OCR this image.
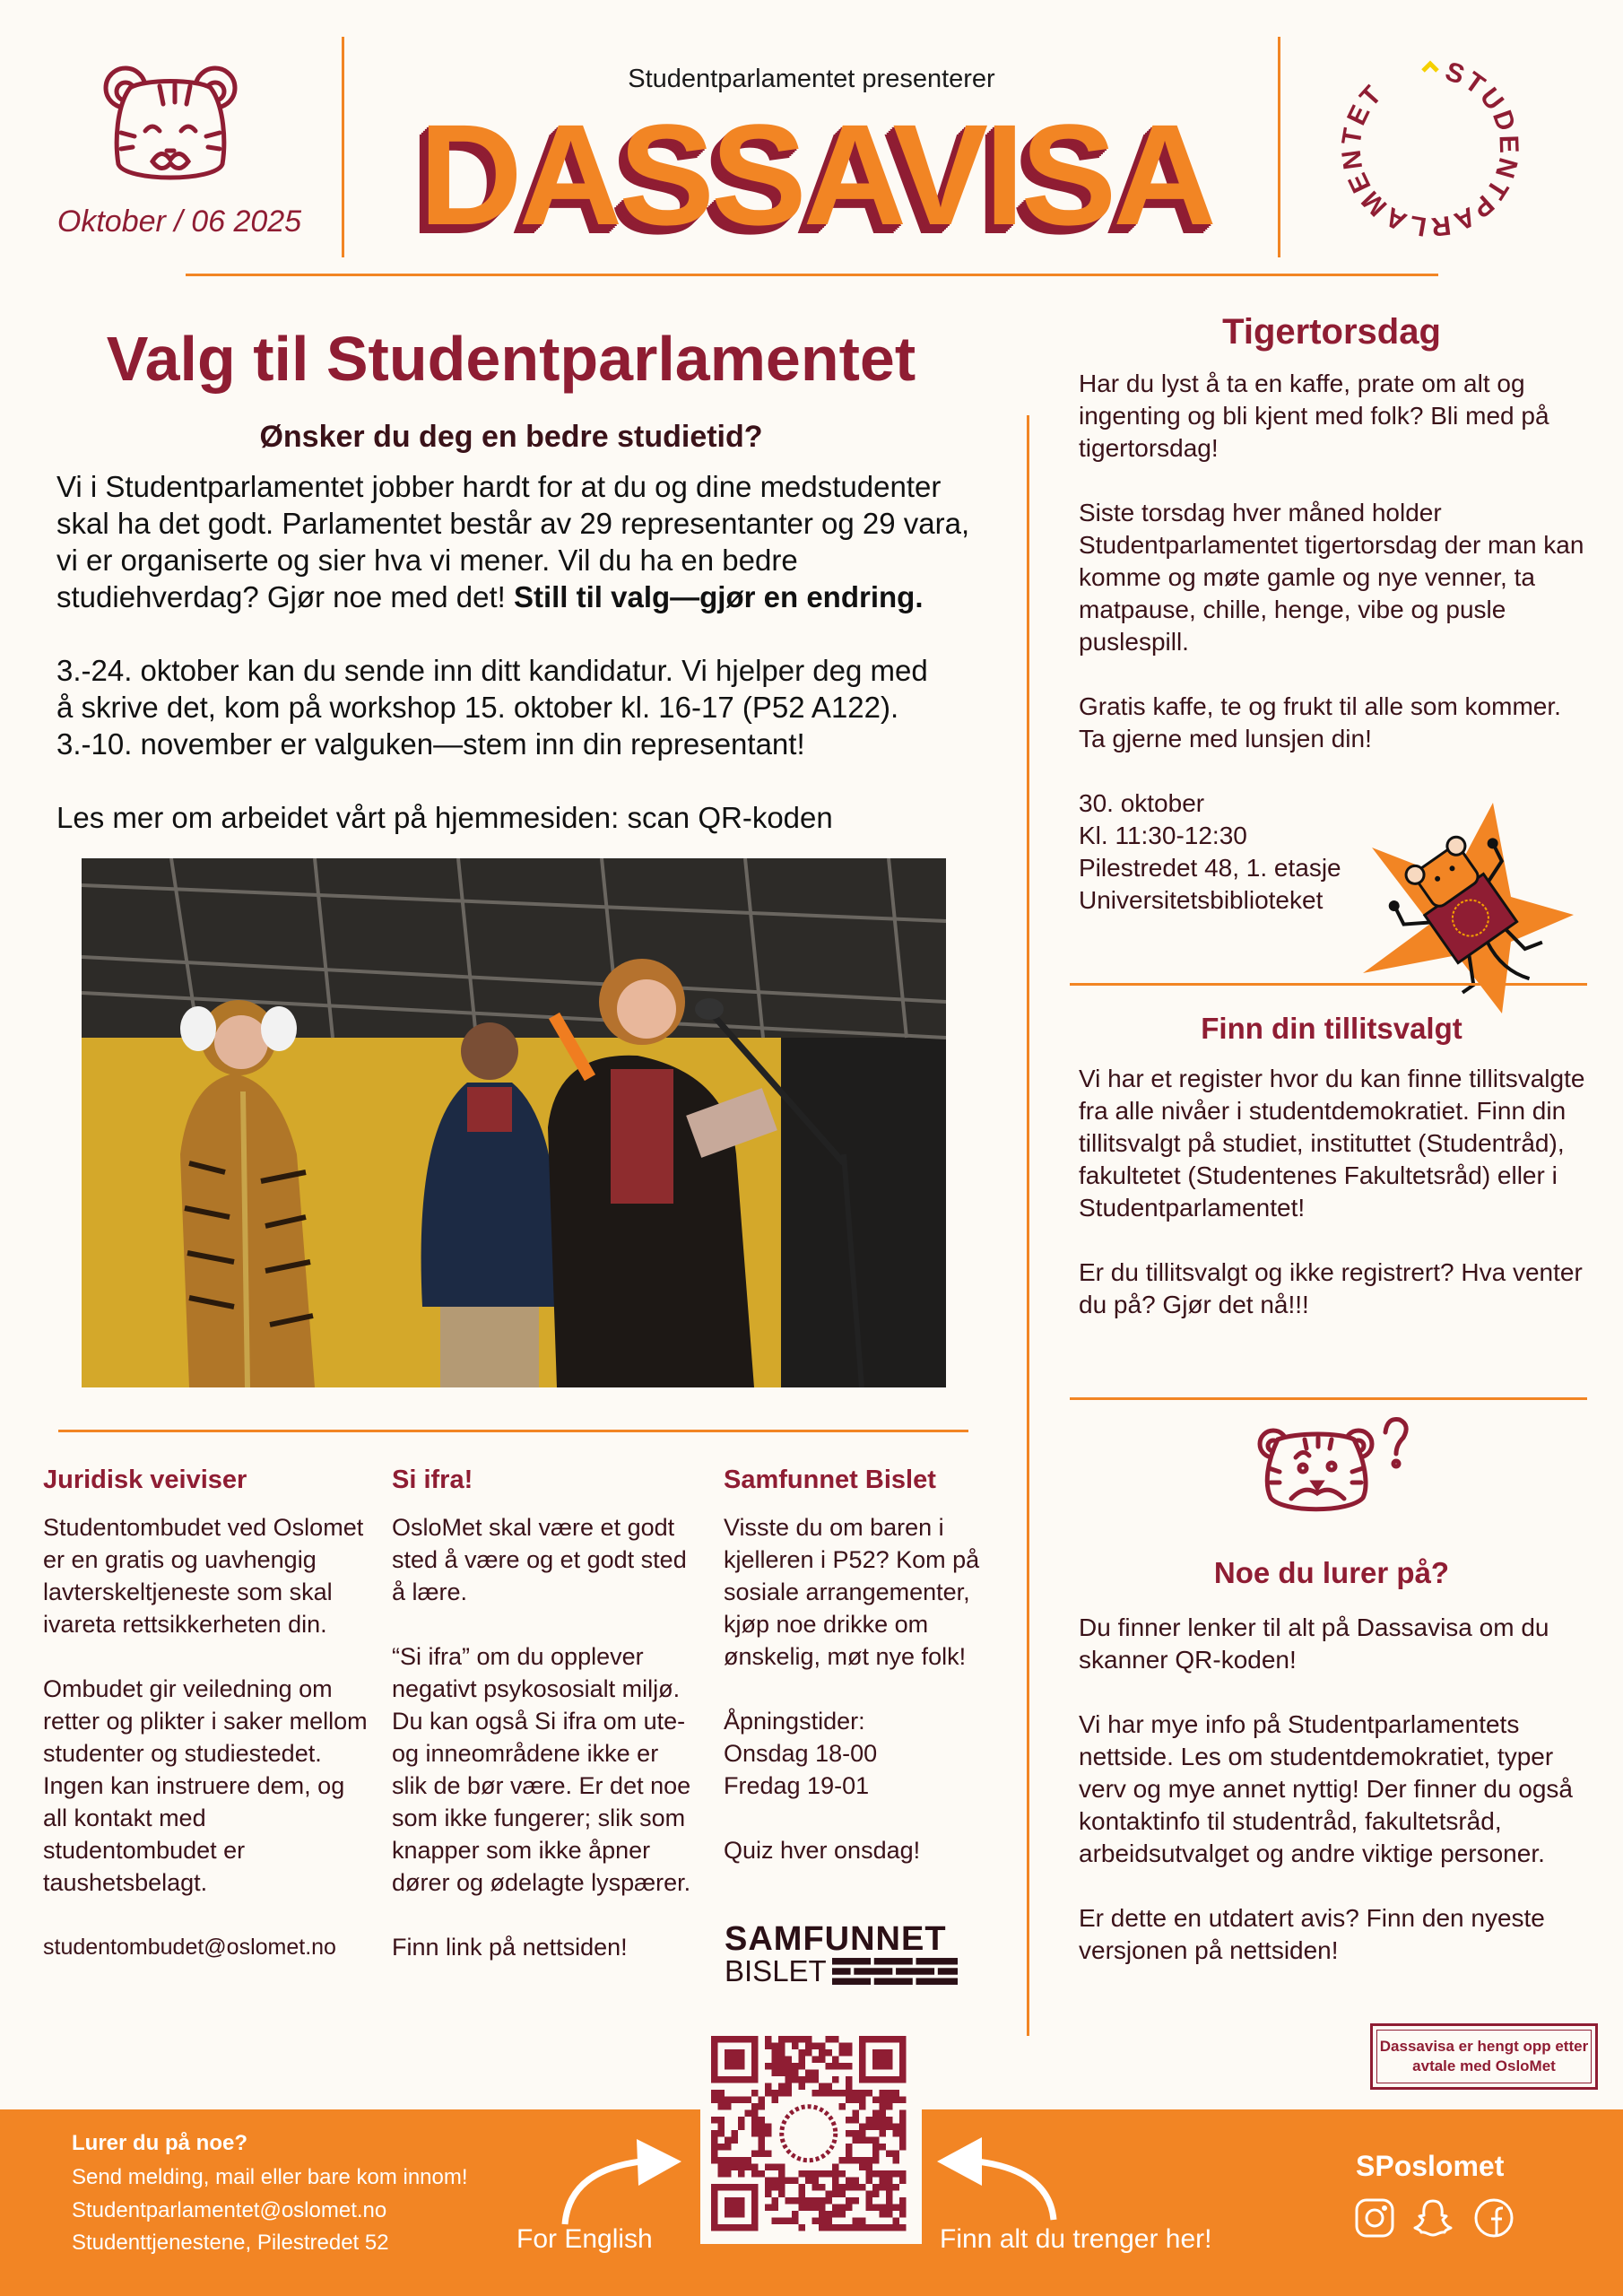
Oktober / 06 2025
Studentparlamentet presenterer
DASSAVISA
STUD NTPARLAME ET
Valg til Studentparlamentet
Ønsker du deg en bedre studietid?
Vi i Studentparlamentet jobber hardt for at du og dine medstudenter skal ha det godt. Parlamentet består av 29 representanter og 29 vara, vi er organiserte og sier hva vi mener. Vil du ha en bedre studiehverdag? Gjør noe med det! Still til valg—gjør en endring.
3.-24. oktober kan du sende inn ditt kandidatur. Vi hjelper deg med
å skrive det, kom på workshop 15. oktober kl. 16-17 (P52 A122).
3.-10. november er valguken—stem inn din representant!
Les mer om arbeidet vårt på hjemmesiden: scan QR-koden
Tigertorsdag
Har du lyst å ta en kaffe, prate om alt og ingenting og bli kjent med folk? Bli med på tigertorsdag!
Siste torsdag hver måned holder Studentparlamentet tigertorsdag der man kan komme og møte gamle og nye venner, ta matpause, chille, henge, vibe og pusle puslespill.
Gratis kaffe, te og frukt til alle som kommer. Ta gjerne med lunsjen din!
30. oktober
Kl. 11:30-12:30
Pilestredet 48, 1. etasje
Universitetsbiblioteket
Finn din tillitsvalgt
Vi har et register hvor du kan finne tillitsvalgte fra alle nivåer i studentdemokratiet. Finn din tillitsvalgt på studiet, instituttet (Studentråd), fakultetet (Studentenes Fakultetsråd) eller i Studentparlamentet!
Er du tillitsvalgt og ikke registrert? Hva venter du på? Gjør det nå!!!
Noe du lurer på?
Du finner lenker til alt på Dassavisa om du skanner QR-koden!
Vi har mye info på Studentparlamentets nettside. Les om studentdemokratiet, typer verv og mye annet nyttig! Der finner du også kontaktinfo til studentråd, fakultetsråd, arbeidsutvalget og andre viktige personer.
Er dette en utdatert avis? Finn den nyeste versjonen på nettsiden!
Dassavisa er hengt opp etter avtale med OsloMet
Juridisk veiviser
Studentombudet ved Oslomet er en gratis og uavhengig lavterskeltjeneste som skal ivareta rettsikkerheten din.
Ombudet gir veiledning om retter og plikter i saker mellom studenter og studiestedet. Ingen kan instruere dem, og all kontakt med studentombudet er taushetsbelagt.
studentombudet@oslomet.no
Si ifra!
OsloMet skal være et godt sted å være og et godt sted å lære.
“Si ifra” om du opplever negativt psykososialt miljø. Du kan også Si ifra om ute- og inneområdene ikke er slik de bør være. Er det noe som ikke fungerer; slik som knapper som ikke åpner dører og ødelagte lyspærer.
Finn link på nettsiden!
Samfunnet Bislet
Visste du om baren i kjelleren i P52? Kom på sosiale arrangementer, kjøp noe drikke om ønskelig, møt nye folk!
Åpningstider:
Onsdag 18-00
Fredag 19-01
Quiz hver onsdag!
SAMFUNNET
BISLET
Lurer du på noe?
Send melding, mail eller bare kom innom!
Studentparlamentet@oslomet.no
Studenttjenestene, Pilestredet 52	For English	Finn alt du trenger her!
SPoslomet
